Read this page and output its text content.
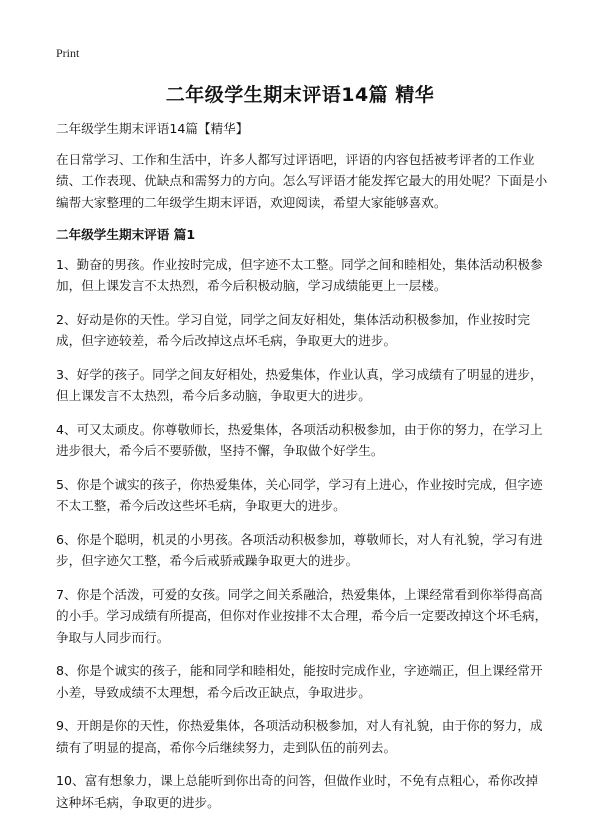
Print
二年级学生期末评语14篇 精华

二年级学生期末评语14篇【精华】

在日常学习、工作和生活中，许多人都写过评语吧，评语的内容包括被考评者的工作业绩、工作表现、优缺点和需努力的方向。怎么写评语才能发挥它最大的用处呢？下面是小编帮大家整理的二年级学生期末评语，欢迎阅读，希望大家能够喜欢。

二年级学生期末评语 篇1

1、勤奋的男孩。作业按时完成，但字迹不太工整。同学之间和睦相处，集体活动积极参加，但上课发言不太热烈，希今后积极动脑，学习成绩能更上一层楼。

2、好动是你的天性。学习自觉，同学之间友好相处，集体活动积极参加，作业按时完成，但字迹较差，希今后改掉这点坏毛病，争取更大的进步。

3、好学的孩子。同学之间友好相处，热爱集体，作业认真，学习成绩有了明显的进步，但上课发言不太热烈，希今后多动脑，争取更大的进步。

4、可又太顽皮。你尊敬师长，热爱集体，各项活动积极参加，由于你的努力，在学习上进步很大，希今后不要骄傲，坚持不懈，争取做个好学生。

5、你是个诚实的孩子，你热爱集体，关心同学，学习有上进心，作业按时完成，但字迹不太工整，希今后改这些坏毛病，争取更大的进步。

6、你是个聪明，机灵的小男孩。各项活动积极参加，尊敬师长，对人有礼貌，学习有进步，但字迹欠工整，希今后戒骄戒躁争取更大的进步。

7、你是个活泼，可爱的女孩。同学之间关系融洽，热爱集体，上课经常看到你举得高高的小手。学习成绩有所提高，但你对作业按排不太合理，希今后一定要改掉这个坏毛病，争取与人同步而行。

8、你是个诚实的孩子，能和同学和睦相处，能按时完成作业，字迹端正，但上课经常开小差，导致成绩不太理想，希今后改正缺点，争取进步。

9、开朗是你的天性，你热爱集体，各项活动积极参加，对人有礼貌，由于你的努力，成绩有了明显的提高，希你今后继续努力，走到队伍的前列去。

10、富有想象力，课上总能听到你出奇的问答，但做作业时，不免有点粗心，希你改掉这种坏毛病，争取更的进步。
